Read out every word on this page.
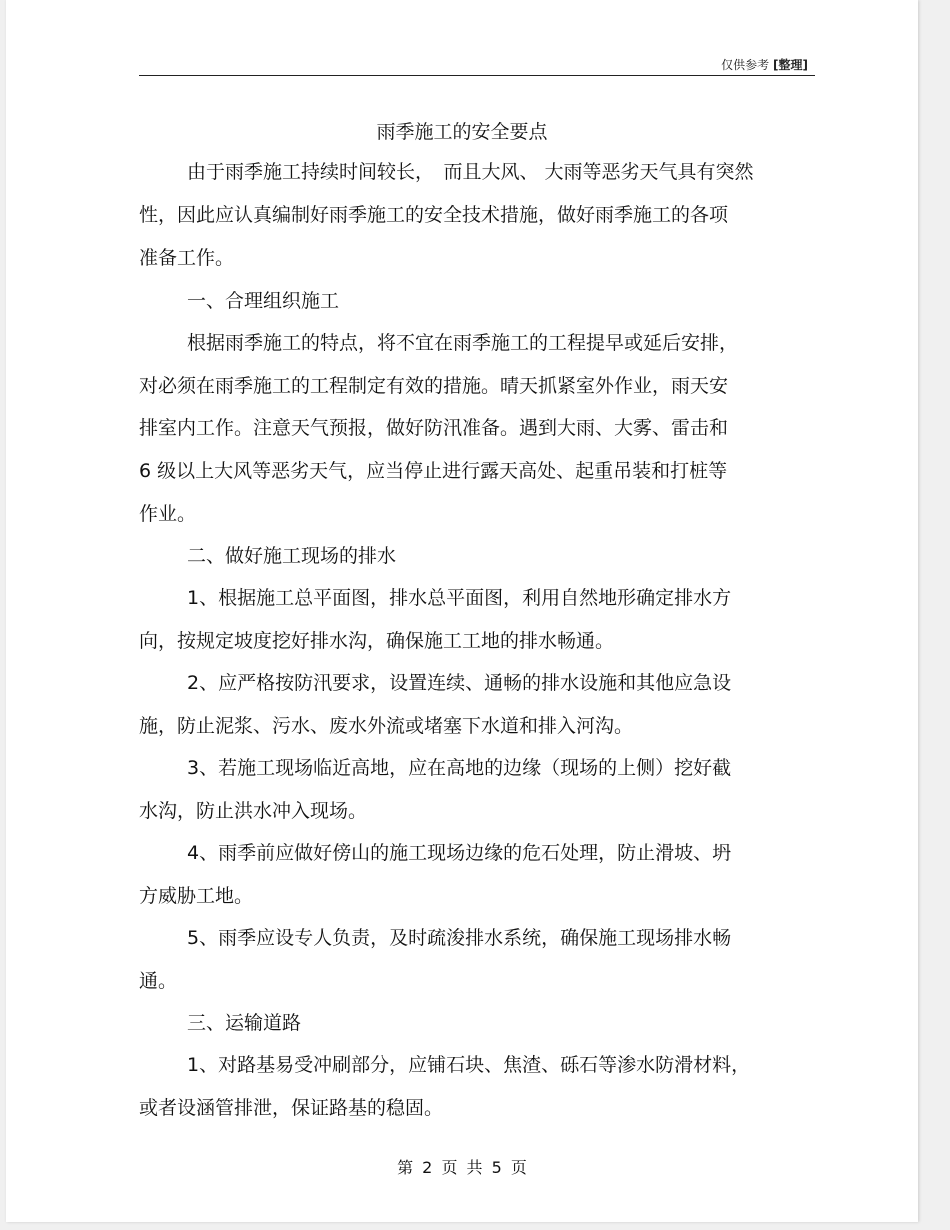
仅供参考 [整理]
雨季施工的安全要点
由于雨季施工持续时间较长，　而且大风、 大雨等恶劣天气具有突然
性，因此应认真编制好雨季施工的安全技术措施，做好雨季施工的各项
准备工作。
一、合理组织施工
根据雨季施工的特点，将不宜在雨季施工的工程提早或延后安排，
对必须在雨季施工的工程制定有效的措施。晴天抓紧室外作业，雨天安
排室内工作。注意天气预报，做好防汛准备。遇到大雨、大雾、雷击和
6 级以上大风等恶劣天气，应当停止进行露天高处、起重吊装和打桩等
作业。
二、做好施工现场的排水
1、根据施工总平面图，排水总平面图，利用自然地形确定排水方
向，按规定坡度挖好排水沟，确保施工工地的排水畅通。
2、应严格按防汛要求，设置连续、通畅的排水设施和其他应急设
施，防止泥浆、污水、废水外流或堵塞下水道和排入河沟。
3、若施工现场临近高地，应在高地的边缘（现场的上侧）挖好截
水沟，防止洪水冲入现场。
4、雨季前应做好傍山的施工现场边缘的危石处理，防止滑坡、坍
方威胁工地。
5、雨季应设专人负责，及时疏浚排水系统，确保施工现场排水畅
通。
三、运输道路
1、对路基易受冲刷部分，应铺石块、焦渣、砾石等渗水防滑材料，
或者设涵管排泄，保证路基的稳固。
第 2 页 共 5 页
